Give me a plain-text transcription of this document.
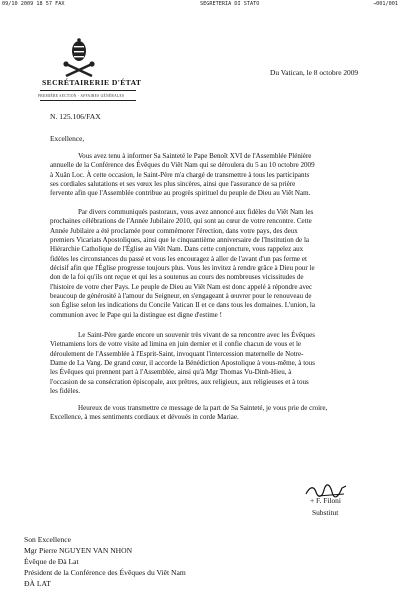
09/10 2009 18 57 FAX	SEGRETERIA DI STATO	→001/001
SECRÉTAIRERIE D'ÉTAT
PREMIÈRE SECTION - AFFAIRES GÉNÉRALES
Du Vatican, le 8 octobre 2009
N. 125.106/FAX
Excellence,
Vous avez tenu à informer Sa Sainteté le Pape Benoît XVI de l'Assemblée Plénière
annuelle de la Conférence des Évêques du Viêt Nam qui se déroulera du 5 au 10 octobre 2009
à Xuân Loc. À cette occasion, le Saint-Père m'a chargé de transmettre à tous les participants
ses cordiales salutations et ses vœux les plus sincères, ainsi que l'assurance de sa prière
fervente afin que l'Assemblée contribue au progrès spirituel du peuple de Dieu au Viêt Nam.
Par divers communiqués pastoraux, vous avez annoncé aux fidèles du Viêt Nam les
prochaines célébrations de l'Année Jubilaire 2010, qui sont au cœur de votre rencontre. Cette
Année Jubilaire a été proclamée pour commémorer l'érection, dans votre pays, des deux
premiers Vicariats Apostoliques, ainsi que le cinquantième anniversaire de l'Institution de la
Hiérarchie Catholique de l'Église au Viêt Nam. Dans cette conjoncture, vous rappelez aux
fidèles les circonstances du passé et vous les encouragez à aller de l'avant d'un pas ferme et
décisif afin que l'Église progresse toujours plus. Vous les invitez à rendre grâce à Dieu pour le
don de la foi qu'ils ont reçue et qui les a soutenus au cours des nombreuses vicissitudes de
l'histoire de votre cher Pays. Le peuple de Dieu au Viêt Nam est donc appelé à répondre avec
beaucoup de générosité à l'amour du Seigneur, en s'engageant à œuvrer pour le renouveau de
son Église selon les indications du Concile Vatican II et ce dans tous les domaines. L'union, la
communion avec le Pape qui la distingue est digne d'estime !
Le Saint-Père garde encore un souvenir très vivant de sa rencontre avec les Évêques
Vietnamiens lors de votre visite ad limina en juin dernier et il confie chacun de vous et le
déroulement de l'Assemblée à l'Esprit-Saint, invoquant l'intercession maternelle de Notre-
Dame de La Vang. De grand cœur, il accorde la Bénédiction Apostolique à vous-même, à tous
les Évêques qui prennent part à l'Assemblée, ainsi qu'à Mgr Thomas Vu-Dinh-Hieu, à
l'occasion de sa consécration épiscopale, aux prêtres, aux religieux, aux religieuses et à tous
les fidèles.
Heureux de vous transmettre ce message de la part de Sa Sainteté, je vous prie de croire,
Excellence, à mes sentiments cordiaux et dévoués in corde Mariae.
+ F. Filoni
Substitut
Son Excellence
Mgr Pierre NGUYEN VAN NHON
Évêque de Đà Lat
Président de la Conférence des Évêques du Viêt Nam
ĐÀ LAT
